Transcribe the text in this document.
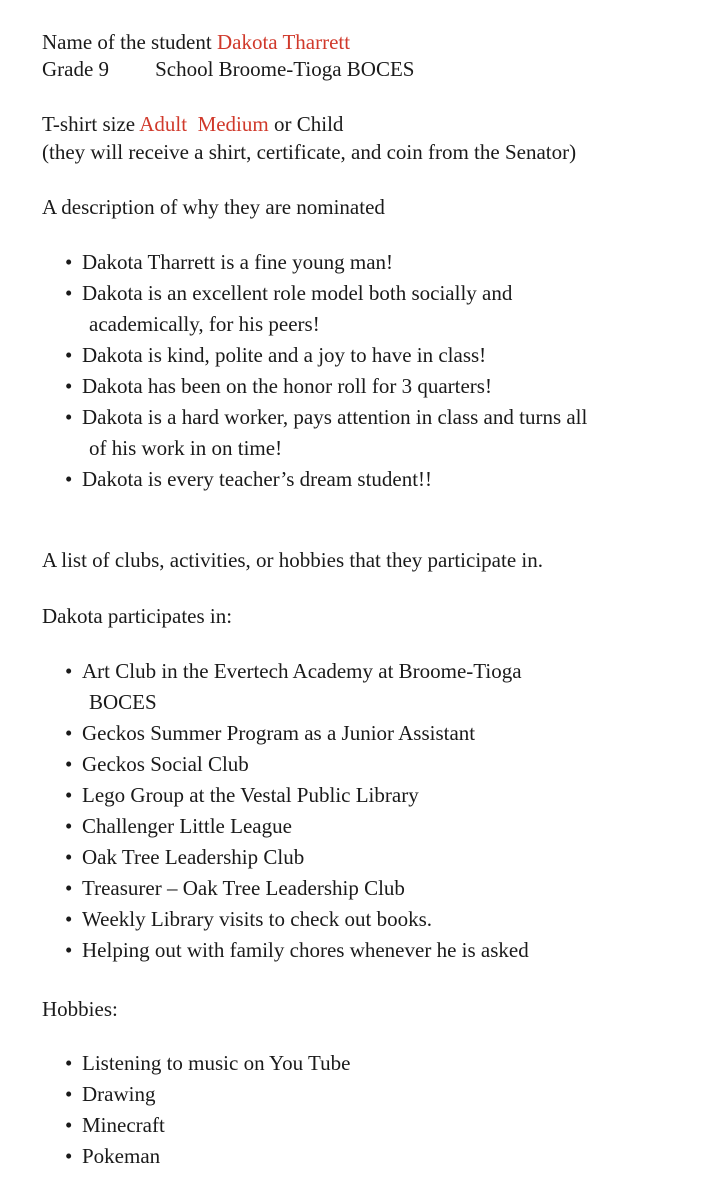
Name of the student Dakota Tharrett
Grade 9 School Broome-Tioga BOCES
T-shirt size Adult  Medium or Child
(they will receive a shirt, certificate, and coin from the Senator)
A description of why they are nominated
• Dakota Tharrett is a fine young man!
• Dakota is an excellent role model both socially and
academically, for his peers!
• Dakota is kind, polite and a joy to have in class!
• Dakota has been on the honor roll for 3 quarters!
• Dakota is a hard worker, pays attention in class and turns all
of his work in on time!
• Dakota is every teacher’s dream student!!
A list of clubs, activities, or hobbies that they participate in.
Dakota participates in:
• Art Club in the Evertech Academy at Broome-Tioga
BOCES
• Geckos Summer Program as a Junior Assistant
• Geckos Social Club
• Lego Group at the Vestal Public Library
• Challenger Little League
• Oak Tree Leadership Club
• Treasurer – Oak Tree Leadership Club
• Weekly Library visits to check out books.
• Helping out with family chores whenever he is asked
Hobbies:
• Listening to music on You Tube
• Drawing
• Minecraft
• Pokeman
